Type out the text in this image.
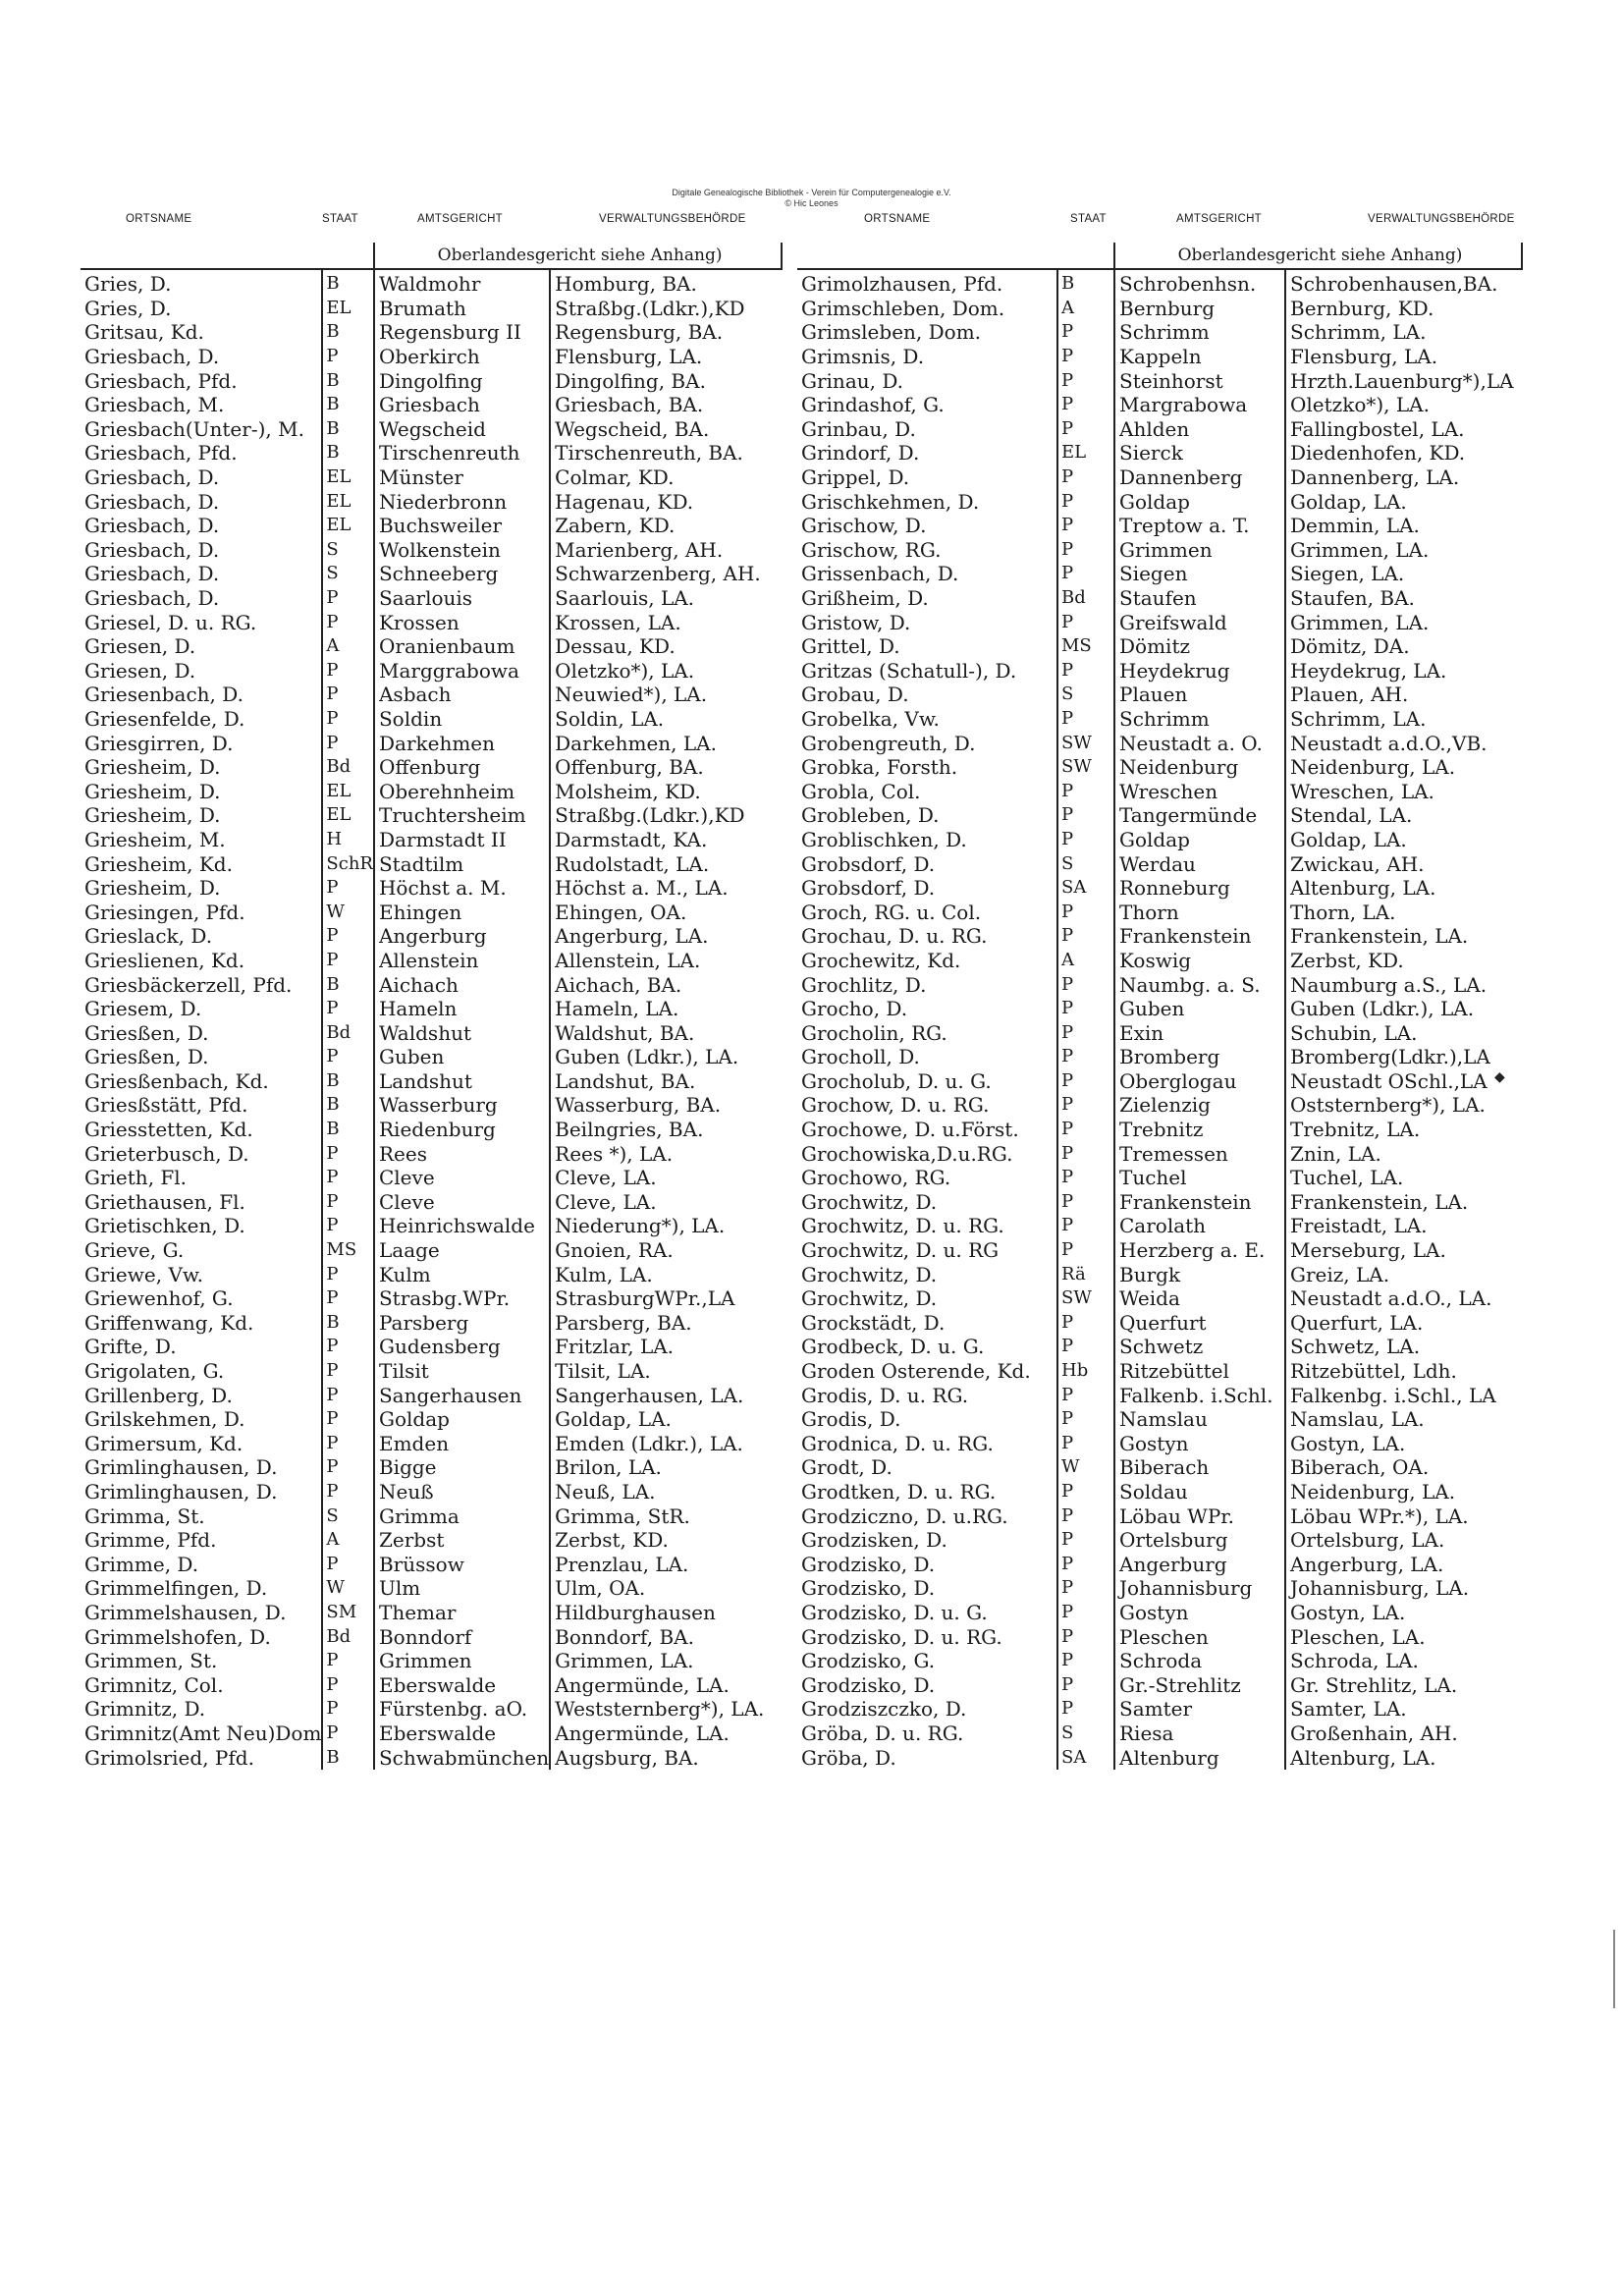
Digitale Genealogische Bibliothek - Verein für Computergenealogie e.V.
© Hic Leones
ORTSNAME	STAAT	AMTSGERICHT	VERWALTUNGSBEHÖRDE	ORTSNAME	STAAT	AMTSGERICHT	VERWALTUNGSBEHÖRDE
		Oberlandesgericht siehe Anhang)	
Gries, D.	B	Waldmohr	Homburg, BA.
Gries, D.	EL	Brumath	Straßbg.(Ldkr.),KD
Gritsau, Kd.	B	Regensburg II	Regensburg, BA.
Griesbach, D.	P	Oberkirch	Flensburg, LA.
Griesbach, Pfd.	B	Dingolfing	Dingolfing, BA.
Griesbach, M.	B	Griesbach	Griesbach, BA.
Griesbach(Unter-), M.	B	Wegscheid	Wegscheid, BA.
Griesbach, Pfd.	B	Tirschenreuth	Tirschenreuth, BA.
Griesbach, D.	EL	Münster	Colmar, KD.
Griesbach, D.	EL	Niederbronn	Hagenau, KD.
Griesbach, D.	EL	Buchsweiler	Zabern, KD.
Griesbach, D.	S	Wolkenstein	Marienberg, AH.
Griesbach, D.	S	Schneeberg	Schwarzenberg, AH.
Griesbach, D.	P	Saarlouis	Saarlouis, LA.
Griesel, D. u. RG.	P	Krossen	Krossen, LA.
Griesen, D.	A	Oranienbaum	Dessau, KD.
Griesen, D.	P	Marggrabowa	Oletzko*), LA.
Griesenbach, D.	P	Asbach	Neuwied*), LA.
Griesenfelde, D.	P	Soldin	Soldin, LA.
Griesgirren, D.	P	Darkehmen	Darkehmen, LA.
Griesheim, D.	Bd	Offenburg	Offenburg, BA.
Griesheim, D.	EL	Oberehnheim	Molsheim, KD.
Griesheim, D.	EL	Truchtersheim	Straßbg.(Ldkr.),KD
Griesheim, M.	H	Darmstadt II	Darmstadt, KA.
Griesheim, Kd.	SchR	Stadtilm	Rudolstadt, LA.
Griesheim, D.	P	Höchst a. M.	Höchst a. M., LA.
Griesingen, Pfd.	W	Ehingen	Ehingen, OA.
Grieslack, D.	P	Angerburg	Angerburg, LA.
Grieslienen, Kd.	P	Allenstein	Allenstein, LA.
Griesbäckerzell, Pfd.	B	Aichach	Aichach, BA.
Griesem, D.	P	Hameln	Hameln, LA.
Griesßen, D.	Bd	Waldshut	Waldshut, BA.
Griesßen, D.	P	Guben	Guben (Ldkr.), LA.
Griesßenbach, Kd.	B	Landshut	Landshut, BA.
Griesßstätt, Pfd.	B	Wasserburg	Wasserburg, BA.
Griesstetten, Kd.	B	Riedenburg	Beilngries, BA.
Grieterbusch, D.	P	Rees	Rees *), LA.
Grieth, Fl.	P	Cleve	Cleve, LA.
Griethausen, Fl.	P	Cleve	Cleve, LA.
Grietischken, D.	P	Heinrichswalde	Niederung*), LA.
Grieve, G.	MS	Laage	Gnoien, RA.
Griewe, Vw.	P	Kulm	Kulm, LA.
Griewenhof, G.	P	Strasbg.WPr.	StrasburgWPr.,LA
Griffenwang, Kd.	B	Parsberg	Parsberg, BA.
Grifte, D.	P	Gudensberg	Fritzlar, LA.
Grigolaten, G.	P	Tilsit	Tilsit, LA.
Grillenberg, D.	P	Sangerhausen	Sangerhausen, LA.
Grilskehmen, D.	P	Goldap	Goldap, LA.
Grimersum, Kd.	P	Emden	Emden (Ldkr.), LA.
Grimlinghausen, D.	P	Bigge	Brilon, LA.
Grimlinghausen, D.	P	Neuß	Neuß, LA.
Grimma, St.	S	Grimma	Grimma, StR.
Grimme, Pfd.	A	Zerbst	Zerbst, KD.
Grimme, D.	P	Brüssow	Prenzlau, LA.
Grimmelfingen, D.	W	Ulm	Ulm, OA.
Grimmelshausen, D.	SM	Themar	Hildburghausen
Grimmelshofen, D.	Bd	Bonndorf	Bonndorf, BA.
Grimmen, St.	P	Grimmen	Grimmen, LA.
Grimnitz, Col.	P	Eberswalde	Angermünde, LA.
Grimnitz, D.	P	Fürstenbg. aO.	Weststernberg*), LA.
Grimnitz(Amt Neu)Dom	P	Eberswalde	Angermünde, LA.
Grimolsried, Pfd.	B	Schwabmünchen	Augsburg, BA.
		Oberlandesgericht siehe Anhang)	
Grimolzhausen, Pfd.	B	Schrobenhsn.	Schrobenhausen,BA.
Grimschleben, Dom.	A	Bernburg	Bernburg, KD.
Grimsleben, Dom.	P	Schrimm	Schrimm, LA.
Grimsnis, D.	P	Kappeln	Flensburg, LA.
Grinau, D.	P	Steinhorst	Hrzth.Lauenburg*),LA
Grindashof, G.	P	Margrabowa	Oletzko*), LA.
Grinbau, D.	P	Ahlden	Fallingbostel, LA.
Grindorf, D.	EL	Sierck	Diedenhofen, KD.
Grippel, D.	P	Dannenberg	Dannenberg, LA.
Grischkehmen, D.	P	Goldap	Goldap, LA.
Grischow, D.	P	Treptow a. T.	Demmin, LA.
Grischow, RG.	P	Grimmen	Grimmen, LA.
Grissenbach, D.	P	Siegen	Siegen, LA.
Grißheim, D.	Bd	Staufen	Staufen, BA.
Gristow, D.	P	Greifswald	Grimmen, LA.
Grittel, D.	MS	Dömitz	Dömitz, DA.
Gritzas (Schatull-), D.	P	Heydekrug	Heydekrug, LA.
Grobau, D.	S	Plauen	Plauen, AH.
Grobelka, Vw.	P	Schrimm	Schrimm, LA.
Grobengreuth, D.	SW	Neustadt a. O.	Neustadt a.d.O.,VB.
Grobka, Forsth.	SW	Neidenburg	Neidenburg, LA.
Grobla, Col.	P	Wreschen	Wreschen, LA.
Grobleben, D.	P	Tangermünde	Stendal, LA.
Groblischken, D.	P	Goldap	Goldap, LA.
Grobsdorf, D.	S	Werdau	Zwickau, AH.
Grobsdorf, D.	SA	Ronneburg	Altenburg, LA.
Groch, RG. u. Col.	P	Thorn	Thorn, LA.
Grochau, D. u. RG.	P	Frankenstein	Frankenstein, LA.
Grochewitz, Kd.	A	Koswig	Zerbst, KD.
Grochlitz, D.	P	Naumbg. a. S.	Naumburg a.S., LA.
Grocho, D.	P	Guben	Guben (Ldkr.), LA.
Grocholin, RG.	P	Exin	Schubin, LA.
Grocholl, D.	P	Bromberg	Bromberg(Ldkr.),LA
Grocholub, D. u. G.	P	Oberglogau	Neustadt OSchl.,LA
Grochow, D. u. RG.	P	Zielenzig	Oststernberg*), LA.
Grochowe, D. u.Först.	P	Trebnitz	Trebnitz, LA.
Grochowiska,D.u.RG.	P	Tremessen	Znin, LA.
Grochowo, RG.	P	Tuchel	Tuchel, LA.
Grochwitz, D.	P	Frankenstein	Frankenstein, LA.
Grochwitz, D. u. RG.	P	Carolath	Freistadt, LA.
Grochwitz, D. u. RG	P	Herzberg a. E.	Merseburg, LA.
Grochwitz, D.	Rä	Burgk	Greiz, LA.
Grochwitz, D.	SW	Weida	Neustadt a.d.O., LA.
Grockstädt, D.	P	Querfurt	Querfurt, LA.
Grodbeck, D. u. G.	P	Schwetz	Schwetz, LA.
Groden Osterende, Kd.	Hb	Ritzebüttel	Ritzebüttel, Ldh.
Grodis, D. u. RG.	P	Falkenb. i.Schl.	Falkenbg. i.Schl., LA
Grodis, D.	P	Namslau	Namslau, LA.
Grodnica, D. u. RG.	P	Gostyn	Gostyn, LA.
Grodt, D.	W	Biberach	Biberach, OA.
Grodtken, D. u. RG.	P	Soldau	Neidenburg, LA.
Grodziczno, D. u.RG.	P	Löbau WPr.	Löbau WPr.*), LA.
Grodzisken, D.	P	Ortelsburg	Ortelsburg, LA.
Grodzisko, D.	P	Angerburg	Angerburg, LA.
Grodzisko, D.	P	Johannisburg	Johannisburg, LA.
Grodzisko, D. u. G.	P	Gostyn	Gostyn, LA.
Grodzisko, D. u. RG.	P	Pleschen	Pleschen, LA.
Grodzisko, G.	P	Schroda	Schroda, LA.
Grodzisko, D.	P	Gr.-Strehlitz	Gr. Strehlitz, LA.
Grodziszczko, D.	P	Samter	Samter, LA.
Gröba, D. u. RG.	S	Riesa	Großenhain, AH.
Gröba, D.	SA	Altenburg	Altenburg, LA.
◆
